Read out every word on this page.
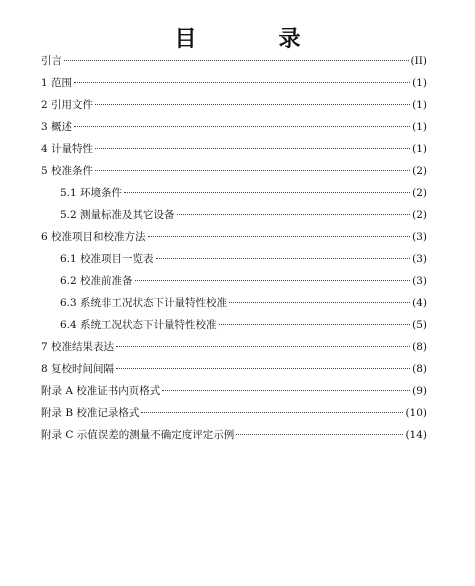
目　录
引言	(II)
1 范围	(1)
2 引用文件	(1)
3 概述	(1)
4 计量特性	(1)
5 校准条件	(2)
5.1 环境条件	(2)
5.2 测量标准及其它设备	(2)
6 校准项目和校准方法	(3)
6.1 校准项目一览表	(3)
6.2 校准前准备	(3)
6.3 系统非工况状态下计量特性校准	(4)
6.4 系统工况状态下计量特性校准	(5)
7 校准结果表达	(8)
8 复校时间间隔	(8)
附录 A 校准证书内页格式	(9)
附录 B 校准记录格式	(10)
附录 C 示值误差的测量不确定度评定示例	(14)
